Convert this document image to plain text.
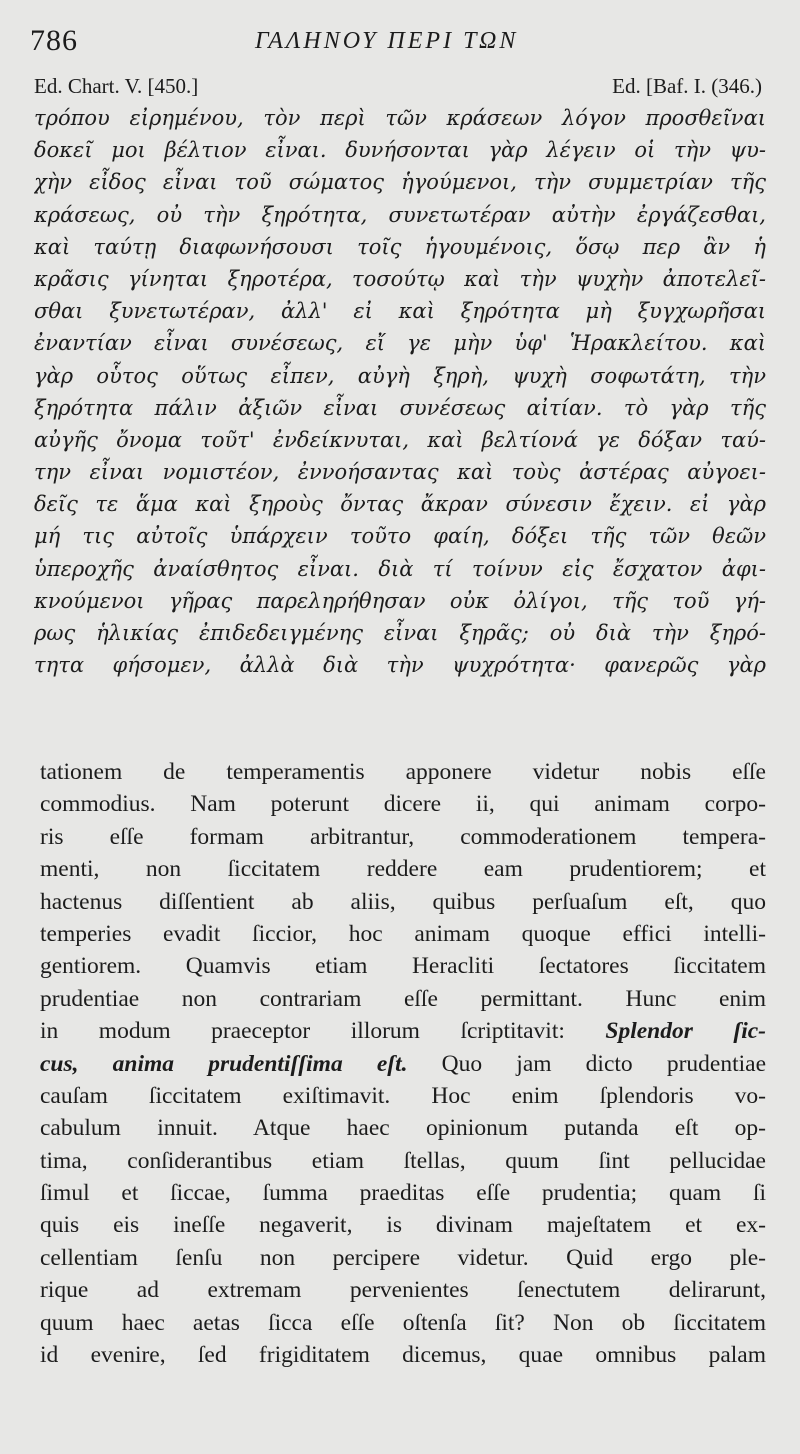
786	ΓΑΛΗΝΟΥ ΠΕΡΙ ΤΩΝ
Ed. Chart. V. [450.]	Ed. [Baf. I. (346.)
τρόπου εἰρημένου, τὸν περὶ τῶν κράσεων λόγον προσθεῖναι
δοκεῖ μοι βέλτιον εἶναι. δυνήσονται γὰρ λέγειν οἱ τὴν ψυ-
χὴν εἶδος εἶναι τοῦ σώματος ἡγούμενοι, τὴν συμμετρίαν τῆς
κράσεως, οὐ τὴν ξηρότητα, συνετωτέραν αὐτὴν ἐργάζεσθαι,
καὶ ταύτῃ διαφωνήσουσι τοῖς ἡγουμένοις, ὅσῳ περ ἂν ἡ
κρᾶσις γίνηται ξηροτέρα, τοσούτῳ καὶ τὴν ψυχὴν ἀποτελεῖ-
σθαι ξυνετωτέραν, ἀλλ' εἰ καὶ ξηρότητα μὴ ξυγχωρῆσαι
ἐναντίαν εἶναι συνέσεως, εἴ γε μὴν ὑφ' Ἡρακλείτου. καὶ
γὰρ οὗτος οὕτως εἶπεν, αὐγὴ ξηρὴ, ψυχὴ σοφωτάτη, τὴν
ξηρότητα πάλιν ἀξιῶν εἶναι συνέσεως αἰτίαν. τὸ γὰρ τῆς
αὐγῆς ὄνομα τοῦτ' ἐνδείκνυται, καὶ βελτίονά γε δόξαν ταύ-
την εἶναι νομιστέον, ἐννοήσαντας καὶ τοὺς ἀστέρας αὐγοει-
δεῖς τε ἅμα καὶ ξηροὺς ὄντας ἄκραν σύνεσιν ἔχειν. εἰ γὰρ
μή τις αὐτοῖς ὑπάρχειν τοῦτο φαίη, δόξει τῆς τῶν θεῶν
ὑπεροχῆς ἀναίσθητος εἶναι. διὰ τί τοίνυν εἰς ἔσχατον ἀφι-
κνούμενοι γῆρας παρεληρήθησαν οὐκ ὀλίγοι, τῆς τοῦ γή-
ρως ἡλικίας ἐπιδεδειγμένης εἶναι ξηρᾶς; οὐ διὰ τὴν ξηρό-
τητα φήσομεν, ἀλλὰ διὰ τὴν ψυχρότητα· φανερῶς γὰρ
tationem de temperamentis apponere videtur nobis eſſe
commodius. Nam poterunt dicere ii, qui animam corpo-
ris eſſe formam arbitrantur, commoderationem tempera-
menti, non ſiccitatem reddere eam prudentiorem; et
hactenus diſſentient ab aliis, quibus perſuaſum eſt, quo
temperies evadit ſiccior, hoc animam quoque effici intelli-
gentiorem. Quamvis etiam Heracliti ſectatores ſiccitatem
prudentiae non contrariam eſſe permittant. Hunc enim
in modum praeceptor illorum ſcriptitavit: Splendor ſic-
cus, anima prudentiſſima eſt. Quo jam dicto prudentiae
cauſam ſiccitatem exiſtimavit. Hoc enim ſplendoris vo-
cabulum innuit. Atque haec opinionum putanda eſt op-
tima, conſiderantibus etiam ſtellas, quum ſint pellucidae
ſimul et ſiccae, ſumma praeditas eſſe prudentia; quam ſi
quis eis ineſſe negaverit, is divinam majeſtatem et ex-
cellentiam ſenſu non percipere videtur. Quid ergo ple-
rique ad extremam pervenientes ſenectutem delirarunt,
quum haec aetas ſicca eſſe oſtenſa ſit? Non ob ſiccitatem
id evenire, ſed frigiditatem dicemus, quae omnibus palam
